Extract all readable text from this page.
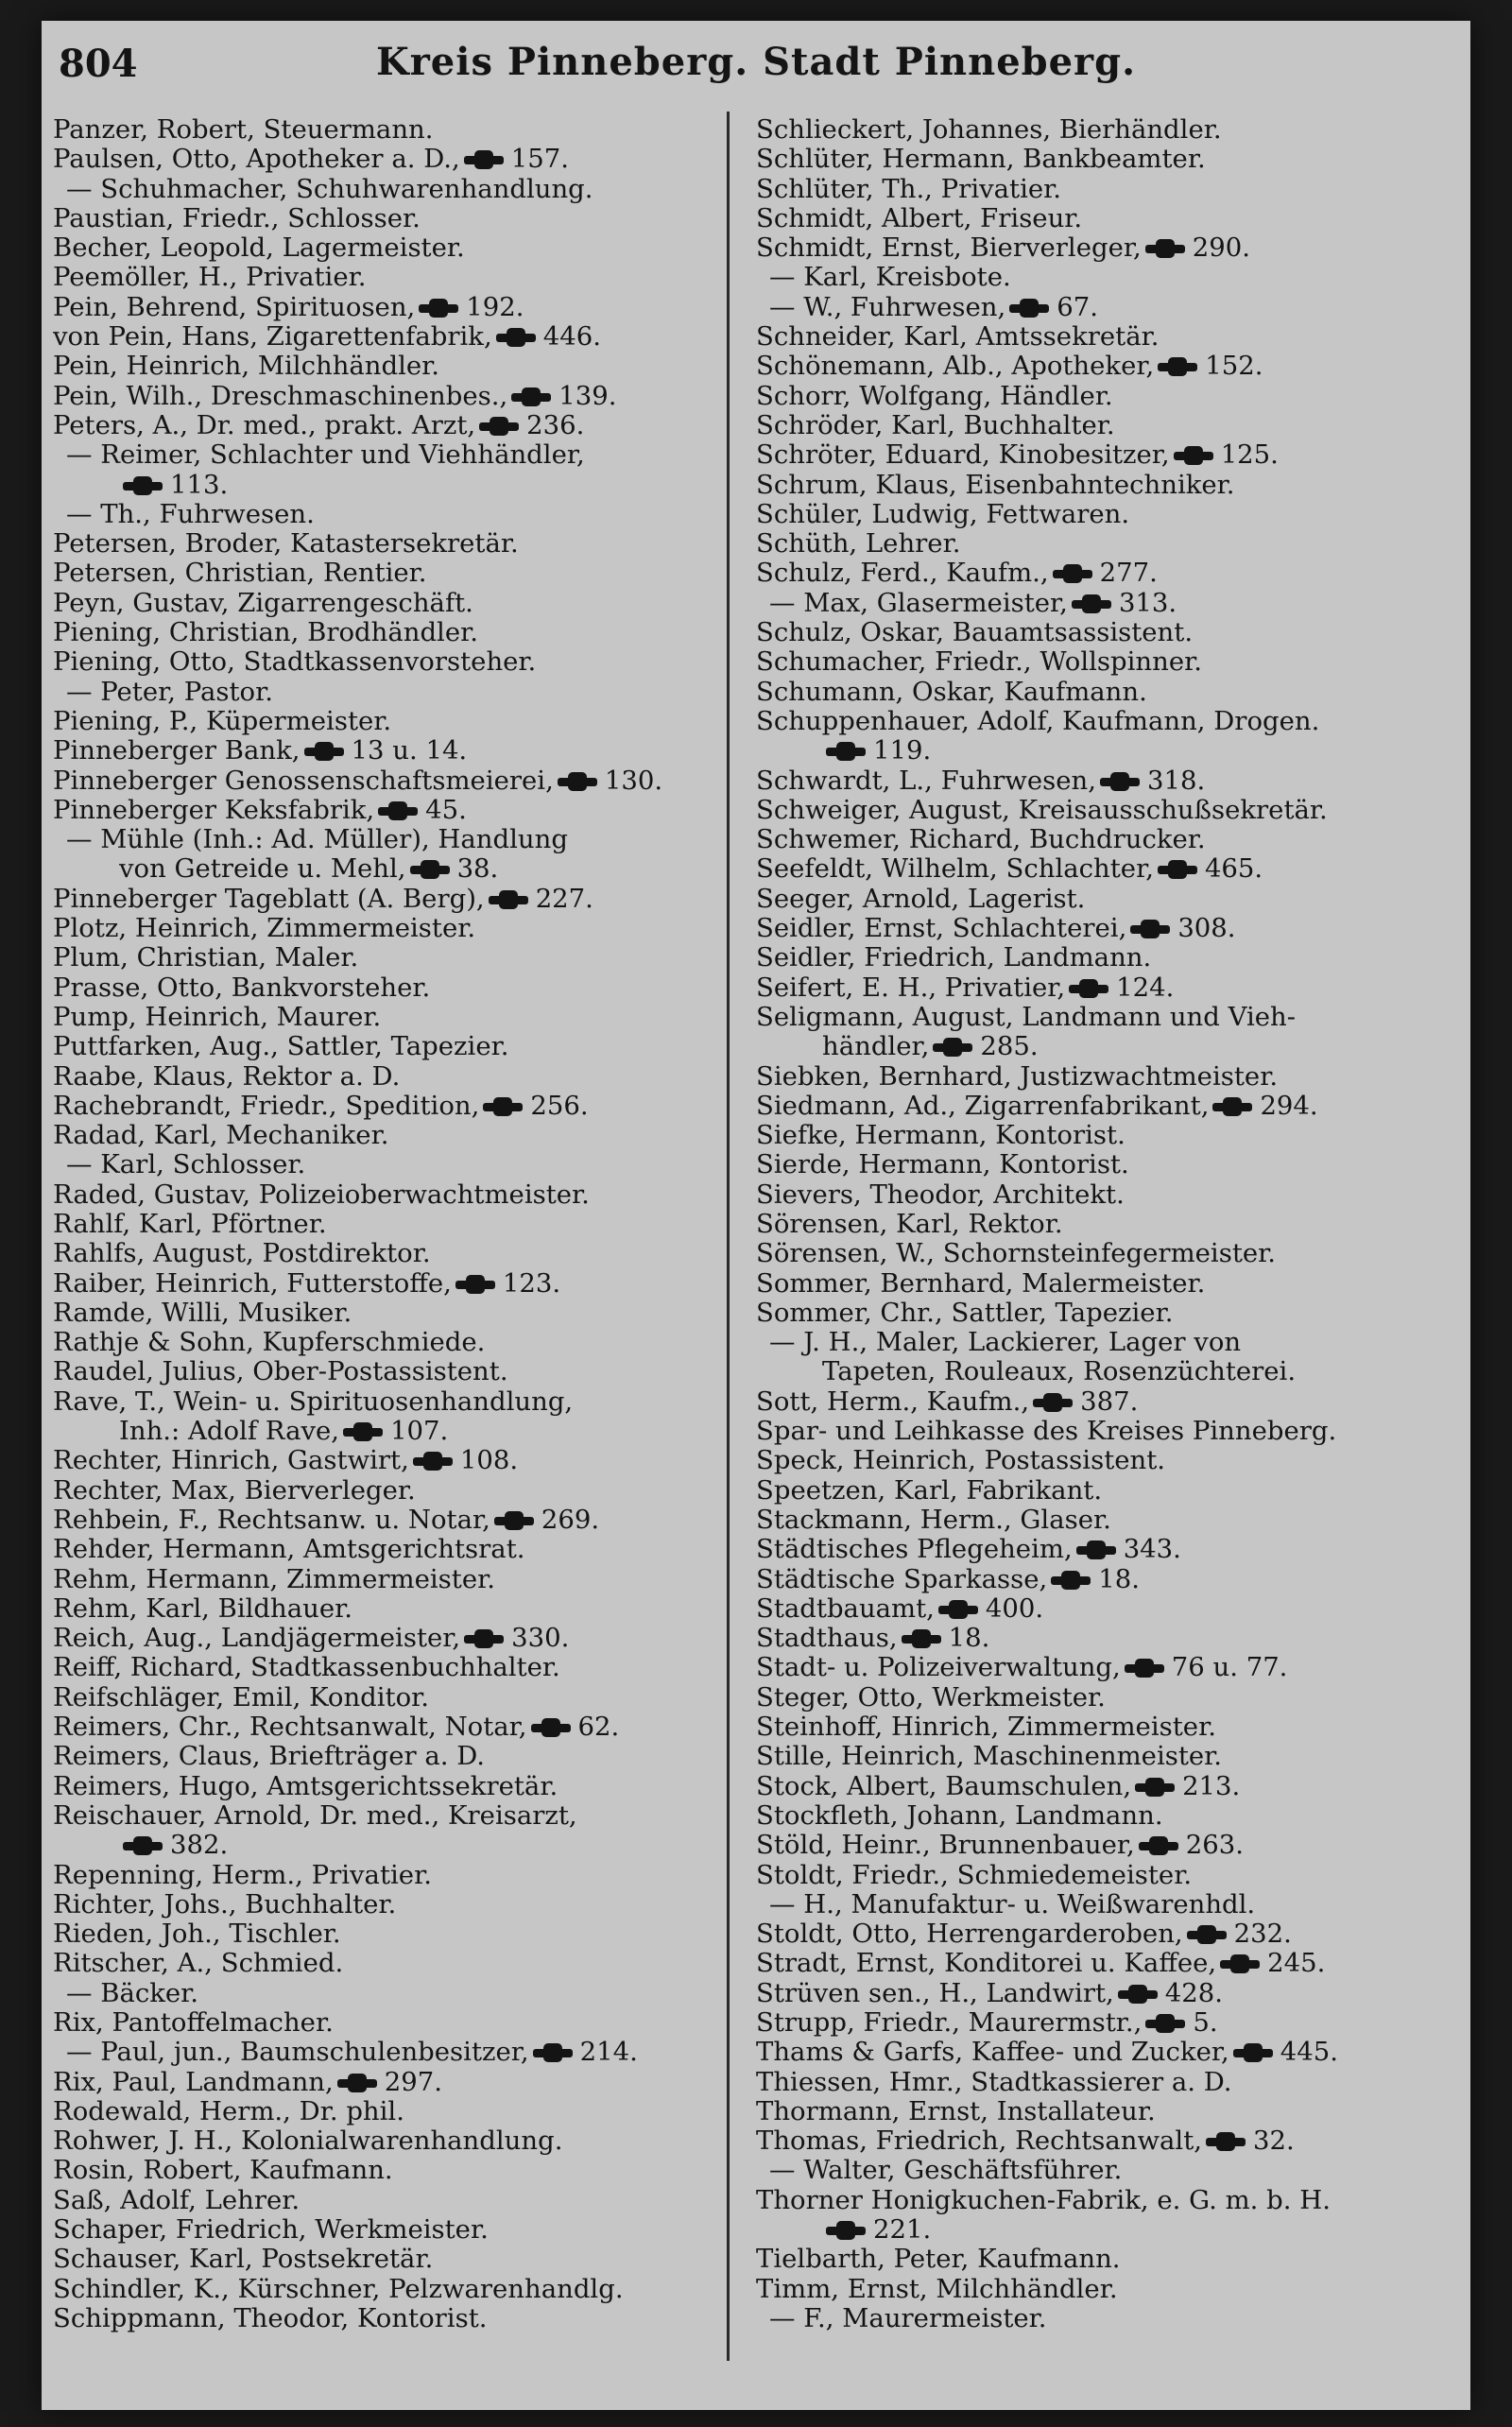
804	Kreis Pinneberg. Stadt Pinneberg.
Panzer, Robert, Steuermann.
Paulsen, Otto, Apotheker a. D., 157.
— Schuhmacher, Schuhwarenhandlung.
Paustian, Friedr., Schlosser.
Becher, Leopold, Lagermeister.
Peemöller, H., Privatier.
Pein, Behrend, Spirituosen, 192.
von Pein, Hans, Zigarettenfabrik, 446.
Pein, Heinrich, Milchhändler.
Pein, Wilh., Dreschmaschinenbes., 139.
Peters, A., Dr. med., prakt. Arzt, 236.
— Reimer, Schlachter und Viehhändler,
113.
— Th., Fuhrwesen.
Petersen, Broder, Katastersekretär.
Petersen, Christian, Rentier.
Peyn, Gustav, Zigarrengeschäft.
Piening, Christian, Brodhändler.
Piening, Otto, Stadtkassenvorsteher.
— Peter, Pastor.
Piening, P., Küpermeister.
Pinneberger Bank, 13 u. 14.
Pinneberger Genossenschaftsmeierei, 130.
Pinneberger Keksfabrik, 45.
— Mühle (Inh.: Ad. Müller), Handlung
von Getreide u. Mehl, 38.
Pinneberger Tageblatt (A. Berg), 227.
Plotz, Heinrich, Zimmermeister.
Plum, Christian, Maler.
Prasse, Otto, Bankvorsteher.
Pump, Heinrich, Maurer.
Puttfarken, Aug., Sattler, Tapezier.
Raabe, Klaus, Rektor a. D.
Rachebrandt, Friedr., Spedition, 256.
Radad, Karl, Mechaniker.
— Karl, Schlosser.
Raded, Gustav, Polizeioberwachtmeister.
Rahlf, Karl, Pförtner.
Rahlfs, August, Postdirektor.
Raiber, Heinrich, Futterstoffe, 123.
Ramde, Willi, Musiker.
Rathje & Sohn, Kupferschmiede.
Raudel, Julius, Ober-Postassistent.
Rave, T., Wein- u. Spirituosenhandlung,
Inh.: Adolf Rave, 107.
Rechter, Hinrich, Gastwirt, 108.
Rechter, Max, Bierverleger.
Rehbein, F., Rechtsanw. u. Notar, 269.
Rehder, Hermann, Amtsgerichtsrat.
Rehm, Hermann, Zimmermeister.
Rehm, Karl, Bildhauer.
Reich, Aug., Landjägermeister, 330.
Reiff, Richard, Stadtkassenbuchhalter.
Reifschläger, Emil, Konditor.
Reimers, Chr., Rechtsanwalt, Notar, 62.
Reimers, Claus, Briefträger a. D.
Reimers, Hugo, Amtsgerichtssekretär.
Reischauer, Arnold, Dr. med., Kreisarzt,
382.
Repenning, Herm., Privatier.
Richter, Johs., Buchhalter.
Rieden, Joh., Tischler.
Ritscher, A., Schmied.
— Bäcker.
Rix, Pantoffelmacher.
— Paul, jun., Baumschulenbesitzer, 214.
Rix, Paul, Landmann, 297.
Rodewald, Herm., Dr. phil.
Rohwer, J. H., Kolonialwarenhandlung.
Rosin, Robert, Kaufmann.
Saß, Adolf, Lehrer.
Schaper, Friedrich, Werkmeister.
Schauser, Karl, Postsekretär.
Schindler, K., Kürschner, Pelzwarenhandlg.
Schippmann, Theodor, Kontorist.
Schlieckert, Johannes, Bierhändler.
Schlüter, Hermann, Bankbeamter.
Schlüter, Th., Privatier.
Schmidt, Albert, Friseur.
Schmidt, Ernst, Bierverleger, 290.
— Karl, Kreisbote.
— W., Fuhrwesen, 67.
Schneider, Karl, Amtssekretär.
Schönemann, Alb., Apotheker, 152.
Schorr, Wolfgang, Händler.
Schröder, Karl, Buchhalter.
Schröter, Eduard, Kinobesitzer, 125.
Schrum, Klaus, Eisenbahntechniker.
Schüler, Ludwig, Fettwaren.
Schüth, Lehrer.
Schulz, Ferd., Kaufm., 277.
— Max, Glasermeister, 313.
Schulz, Oskar, Bauamtsassistent.
Schumacher, Friedr., Wollspinner.
Schumann, Oskar, Kaufmann.
Schuppenhauer, Adolf, Kaufmann, Drogen.
119.
Schwardt, L., Fuhrwesen, 318.
Schweiger, August, Kreisausschußsekretär.
Schwemer, Richard, Buchdrucker.
Seefeldt, Wilhelm, Schlachter, 465.
Seeger, Arnold, Lagerist.
Seidler, Ernst, Schlachterei, 308.
Seidler, Friedrich, Landmann.
Seifert, E. H., Privatier, 124.
Seligmann, August, Landmann und Vieh-
händler, 285.
Siebken, Bernhard, Justizwachtmeister.
Siedmann, Ad., Zigarrenfabrikant, 294.
Siefke, Hermann, Kontorist.
Sierde, Hermann, Kontorist.
Sievers, Theodor, Architekt.
Sörensen, Karl, Rektor.
Sörensen, W., Schornsteinfegermeister.
Sommer, Bernhard, Malermeister.
Sommer, Chr., Sattler, Tapezier.
— J. H., Maler, Lackierer, Lager von
Tapeten, Rouleaux, Rosenzüchterei.
Sott, Herm., Kaufm., 387.
Spar- und Leihkasse des Kreises Pinneberg.
Speck, Heinrich, Postassistent.
Speetzen, Karl, Fabrikant.
Stackmann, Herm., Glaser.
Städtisches Pflegeheim, 343.
Städtische Sparkasse, 18.
Stadtbauamt, 400.
Stadthaus, 18.
Stadt- u. Polizeiverwaltung, 76 u. 77.
Steger, Otto, Werkmeister.
Steinhoff, Hinrich, Zimmermeister.
Stille, Heinrich, Maschinenmeister.
Stock, Albert, Baumschulen, 213.
Stockfleth, Johann, Landmann.
Stöld, Heinr., Brunnenbauer, 263.
Stoldt, Friedr., Schmiedemeister.
— H., Manufaktur- u. Weißwarenhdl.
Stoldt, Otto, Herrengarderoben, 232.
Stradt, Ernst, Konditorei u. Kaffee, 245.
Strüven sen., H., Landwirt, 428.
Strupp, Friedr., Maurermstr., 5.
Thams & Garfs, Kaffee- und Zucker, 445.
Thiessen, Hmr., Stadtkassierer a. D.
Thormann, Ernst, Installateur.
Thomas, Friedrich, Rechtsanwalt, 32.
— Walter, Geschäftsführer.
Thorner Honigkuchen-Fabrik, e. G. m. b. H.
221.
Tielbarth, Peter, Kaufmann.
Timm, Ernst, Milchhändler.
— F., Maurermeister.
